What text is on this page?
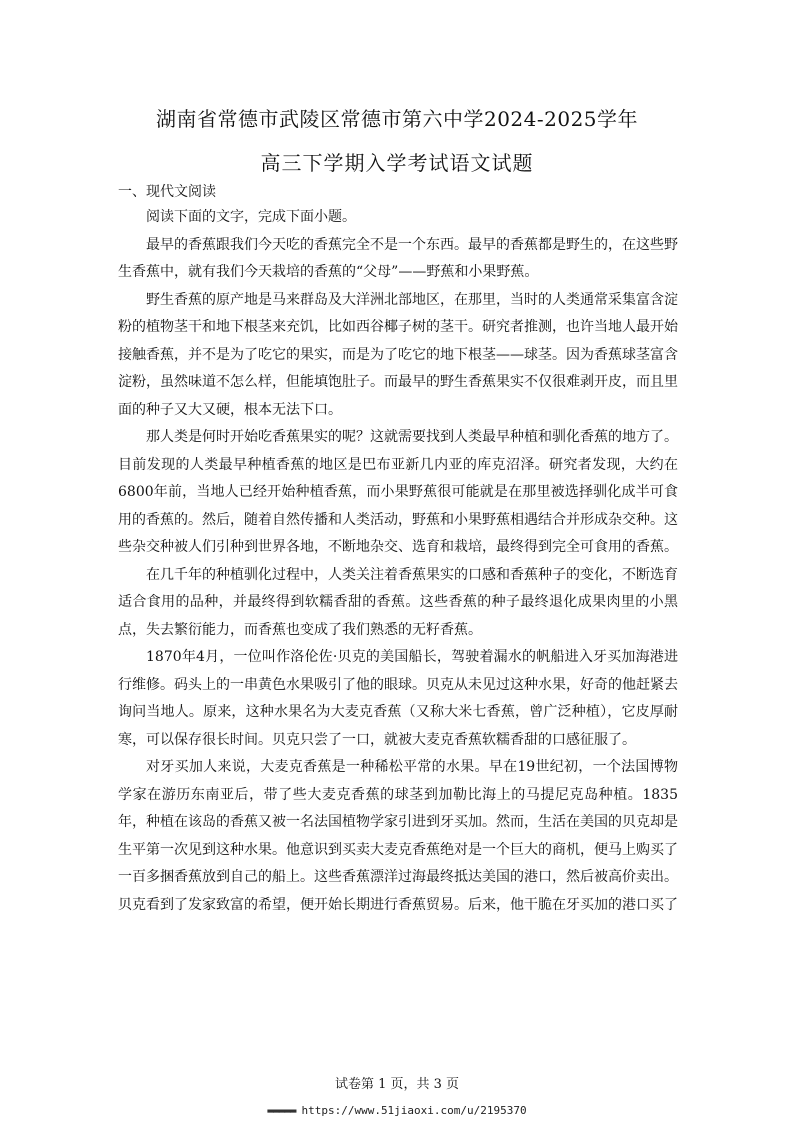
湖南省常德市武陵区常德市第六中学2024-2025学年
高三下学期入学考试语文试题
一、现代文阅读

阅读下面的文字，完成下面小题。

最早的香蕉跟我们今天吃的香蕉完全不是一个东西。最早的香蕉都是野生的，在这些野生香蕉中，就有我们今天栽培的香蕉的“父母”——野蕉和小果野蕉。

野生香蕉的原产地是马来群岛及大洋洲北部地区，在那里，当时的人类通常采集富含淀粉的植物茎干和地下根茎来充饥，比如西谷椰子树的茎干。研究者推测，也许当地人最开始接触香蕉，并不是为了吃它的果实，而是为了吃它的地下根茎——球茎。因为香蕉球茎富含淀粉，虽然味道不怎么样，但能填饱肚子。而最早的野生香蕉果实不仅很难剥开皮，而且里面的种子又大又硬，根本无法下口。

那人类是何时开始吃香蕉果实的呢？这就需要找到人类最早种植和驯化香蕉的地方了。目前发现的人类最早种植香蕉的地区是巴布亚新几内亚的库克沼泽。研究者发现，大约在6800年前，当地人已经开始种植香蕉，而小果野蕉很可能就是在那里被选择驯化成半可食用的香蕉的。然后，随着自然传播和人类活动，野蕉和小果野蕉相遇结合并形成杂交种。这些杂交种被人们引种到世界各地，不断地杂交、选育和栽培，最终得到完全可食用的香蕉。

在几千年的种植驯化过程中，人类关注着香蕉果实的口感和香蕉种子的变化，不断选育适合食用的品种，并最终得到软糯香甜的香蕉。这些香蕉的种子最终退化成果肉里的小黑点，失去繁衍能力，而香蕉也变成了我们熟悉的无籽香蕉。

1870年4月，一位叫作洛伦佐·贝克的美国船长，驾驶着漏水的帆船进入牙买加海港进行维修。码头上的一串黄色水果吸引了他的眼球。贝克从未见过这种水果，好奇的他赶紧去询问当地人。原来，这种水果名为大麦克香蕉（又称大米七香蕉，曾广泛种植），它皮厚耐寒，可以保存很长时间。贝克只尝了一口，就被大麦克香蕉软糯香甜的口感征服了。

对牙买加人来说，大麦克香蕉是一种稀松平常的水果。早在19世纪初，一个法国博物学家在游历东南亚后，带了些大麦克香蕉的球茎到加勒比海上的马提尼克岛种植。1835年，种植在该岛的香蕉又被一名法国植物学家引进到牙买加。然而，生活在美国的贝克却是生平第一次见到这种水果。他意识到买卖大麦克香蕉绝对是一个巨大的商机，便马上购买了一百多捆香蕉放到自己的船上。这些香蕉漂洋过海最终抵达美国的港口，然后被高价卖出。贝克看到了发家致富的希望，便开始长期进行香蕉贸易。后来，他干脆在牙买加的港口买了

试卷第 1 页，共 3 页
▬▬▬▬▬ https://www.51jiaoxi.com/u/2195370
